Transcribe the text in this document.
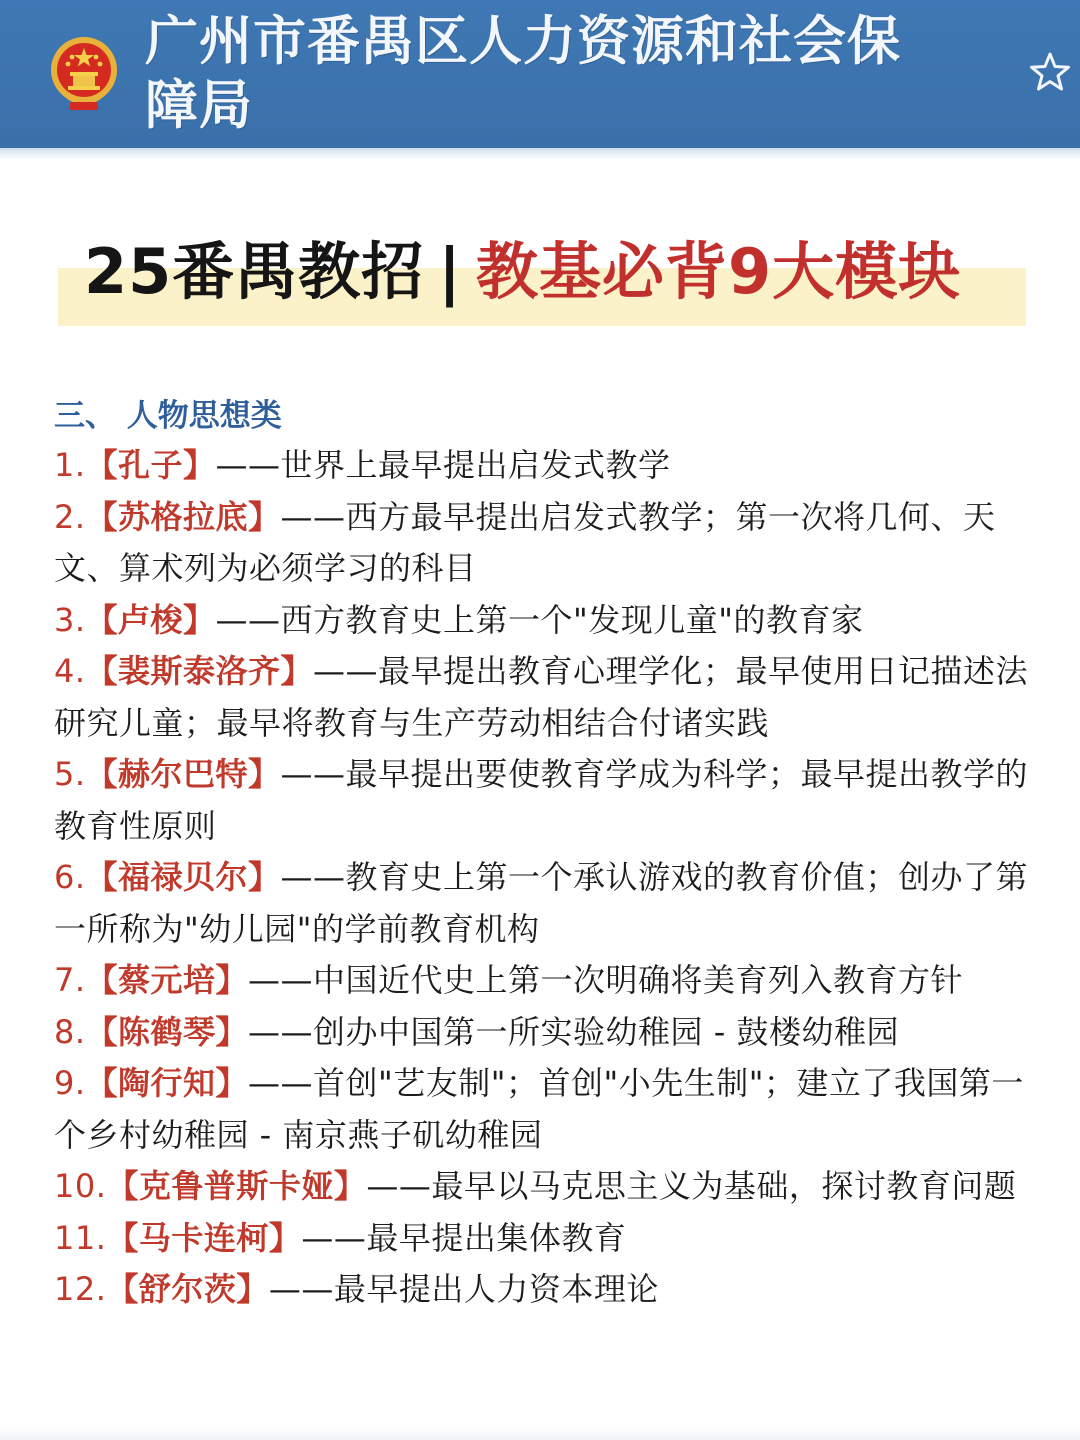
广州市番禺区人力资源和社会保障局
25番禺教招 | 教基必背9大模块
三、 人物思想类
1.【孔子】——世界上最早提出启发式教学
2.【苏格拉底】——西方最早提出启发式教学；第一次将几何、天文、算术列为必须学习的科目
3.【卢梭】——西方教育史上第一个"发现儿童"的教育家
4.【裴斯泰洛齐】——最早提出教育心理学化；最早使用日记描述法研究儿童；最早将教育与生产劳动相结合付诸实践
5.【赫尔巴特】——最早提出要使教育学成为科学；最早提出教学的教育性原则
6.【福禄贝尔】——教育史上第一个承认游戏的教育价值；创办了第一所称为"幼儿园"的学前教育机构
7.【蔡元培】——中国近代史上第一次明确将美育列入教育方针
8.【陈鹤琴】——创办中国第一所实验幼稚园 - 鼓楼幼稚园
9.【陶行知】——首创"艺友制"；首创"小先生制"；建立了我国第一个乡村幼稚园 - 南京燕子矶幼稚园
10.【克鲁普斯卡娅】——最早以马克思主义为基础，探讨教育问题
11.【马卡连柯】——最早提出集体教育
12.【舒尔茨】——最早提出人力资本理论
